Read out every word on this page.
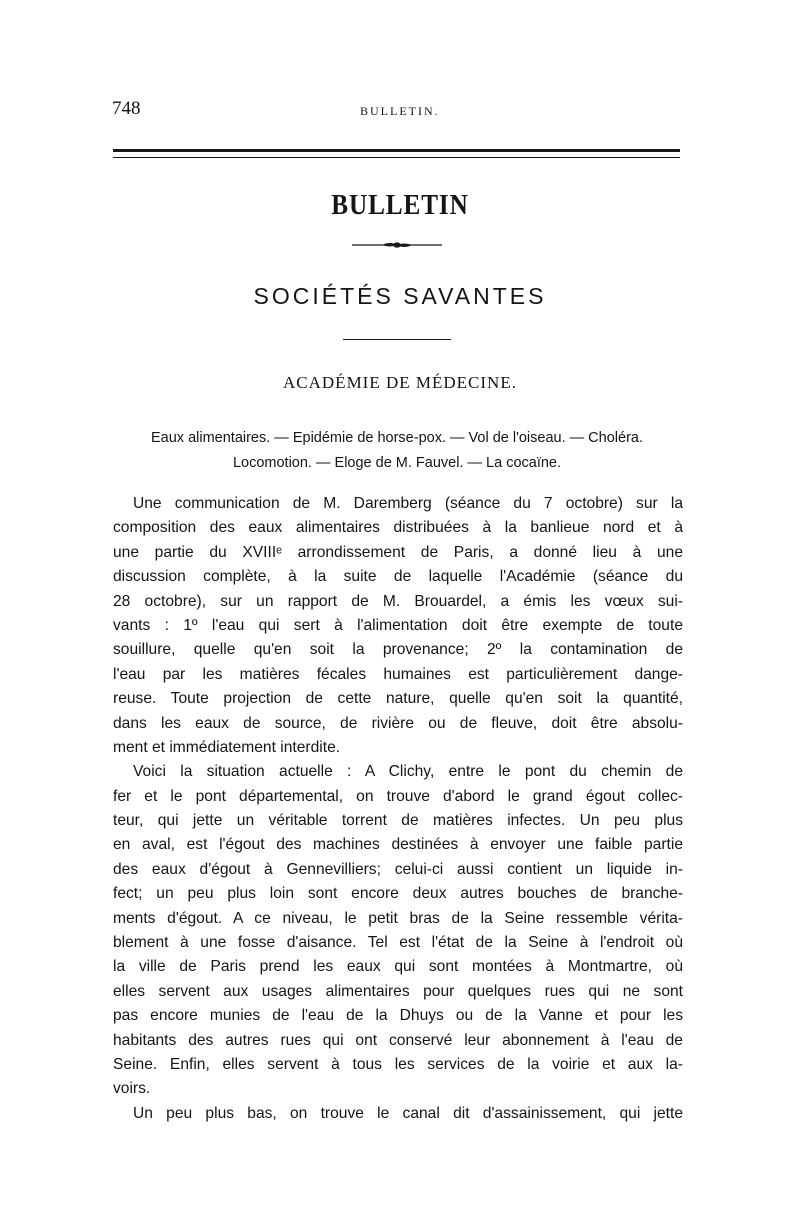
748	BULLETIN.
BULLETIN
SOCIÉTÉS SAVANTES
ACADÉMIE DE MÉDECINE.
Eaux alimentaires. — Epidémie de horse-pox. — Vol de l'oiseau. — Choléra.
Locomotion. — Eloge de M. Fauvel. — La cocaïne.
Une communication de M. Daremberg (séance du 7 octobre) sur la
composition des eaux alimentaires distribuées à la banlieue nord et à
une partie du XVIIIᵉ arrondissement de Paris, a donné lieu à une
discussion complète, à la suite de laquelle l'Académie (séance du
28 octobre), sur un rapport de M. Brouardel, a émis les vœux sui-
vants : 1º l'eau qui sert à l'alimentation doit être exempte de toute
souillure, quelle qu'en soit la provenance; 2º la contamination de
l'eau par les matières fécales humaines est particulièrement dange-
reuse. Toute projection de cette nature, quelle qu'en soit la quantité,
dans les eaux de source, de rivière ou de fleuve, doit être absolu-
ment et immédiatement interdite.
Voici la situation actuelle : A Clichy, entre le pont du chemin de
fer et le pont départemental, on trouve d'abord le grand égout collec-
teur, qui jette un véritable torrent de matières infectes. Un peu plus
en aval, est l'égout des machines destinées à envoyer une faible partie
des eaux d'égout à Gennevilliers; celui-ci aussi contient un liquide in-
fect; un peu plus loin sont encore deux autres bouches de branche-
ments d'égout. A ce niveau, le petit bras de la Seine ressemble vérita-
blement à une fosse d'aisance. Tel est l'état de la Seine à l'endroit où
la ville de Paris prend les eaux qui sont montées à Montmartre, où
elles servent aux usages alimentaires pour quelques rues qui ne sont
pas encore munies de l'eau de la Dhuys ou de la Vanne et pour les
habitants des autres rues qui ont conservé leur abonnement à l'eau de
Seine. Enfin, elles servent à tous les services de la voirie et aux la-
voirs.
Un peu plus bas, on trouve le canal dit d'assainissement, qui jette
